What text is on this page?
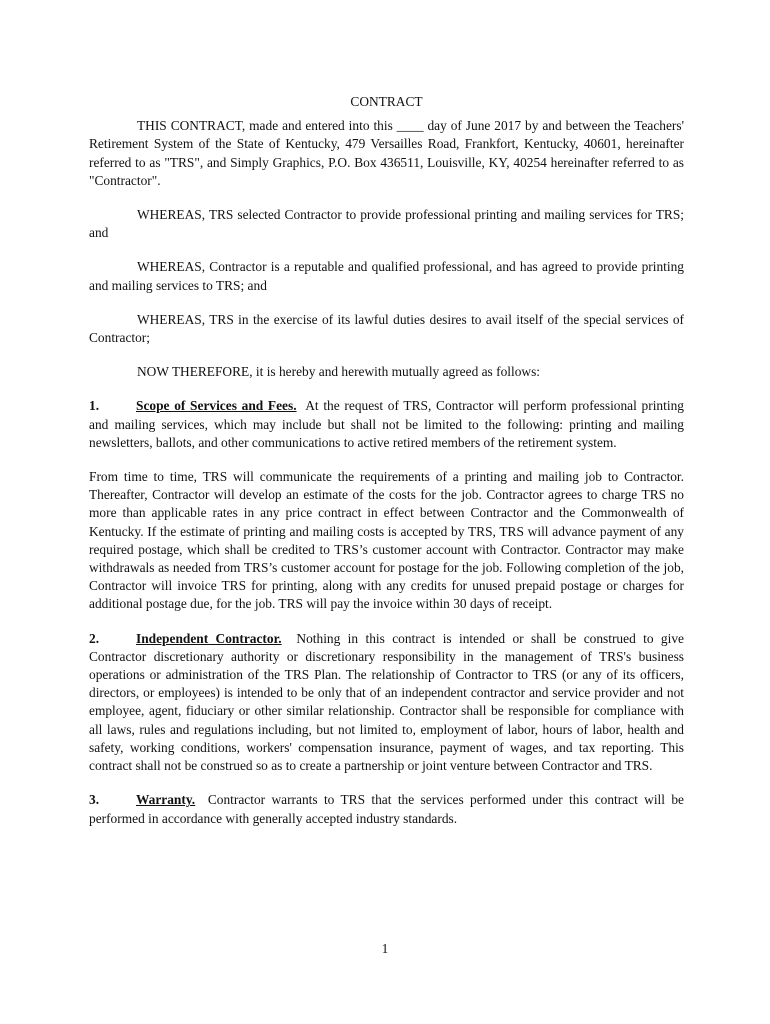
CONTRACT

THIS CONTRACT, made and entered into this ____ day of June 2017 by and between the Teachers' Retirement System of the State of Kentucky, 479 Versailles Road, Frankfort, Kentucky, 40601, hereinafter referred to as "TRS", and Simply Graphics, P.O. Box 436511, Louisville, KY, 40254 hereinafter referred to as "Contractor".

WHEREAS, TRS selected Contractor to provide professional printing and mailing services for TRS; and

WHEREAS, Contractor is a reputable and qualified professional, and has agreed to provide printing and mailing services to TRS; and

WHEREAS, TRS in the exercise of its lawful duties desires to avail itself of the special services of Contractor;

NOW THEREFORE, it is hereby and herewith mutually agreed as follows:

1.	Scope of Services and Fees. At the request of TRS, Contractor will perform professional printing and mailing services, which may include but shall not be limited to the following: printing and mailing newsletters, ballots, and other communications to active retired members of the retirement system.

From time to time, TRS will communicate the requirements of a printing and mailing job to Contractor. Thereafter, Contractor will develop an estimate of the costs for the job. Contractor agrees to charge TRS no more than applicable rates in any price contract in effect between Contractor and the Commonwealth of Kentucky. If the estimate of printing and mailing costs is accepted by TRS, TRS will advance payment of any required postage, which shall be credited to TRS’s customer account with Contractor. Contractor may make withdrawals as needed from TRS’s customer account for postage for the job. Following completion of the job, Contractor will invoice TRS for printing, along with any credits for unused prepaid postage or charges for additional postage due, for the job. TRS will pay the invoice within 30 days of receipt.

2.	Independent Contractor. Nothing in this contract is intended or shall be construed to give Contractor discretionary authority or discretionary responsibility in the management of TRS's business operations or administration of the TRS Plan. The relationship of Contractor to TRS (or any of its officers, directors, or employees) is intended to be only that of an independent contractor and service provider and not employee, agent, fiduciary or other similar relationship. Contractor shall be responsible for compliance with all laws, rules and regulations including, but not limited to, employment of labor, hours of labor, health and safety, working conditions, workers' compensation insurance, payment of wages, and tax reporting. This contract shall not be construed so as to create a partnership or joint venture between Contractor and TRS.

3.	Warranty. Contractor warrants to TRS that the services performed under this contract will be performed in accordance with generally accepted industry standards.

1
